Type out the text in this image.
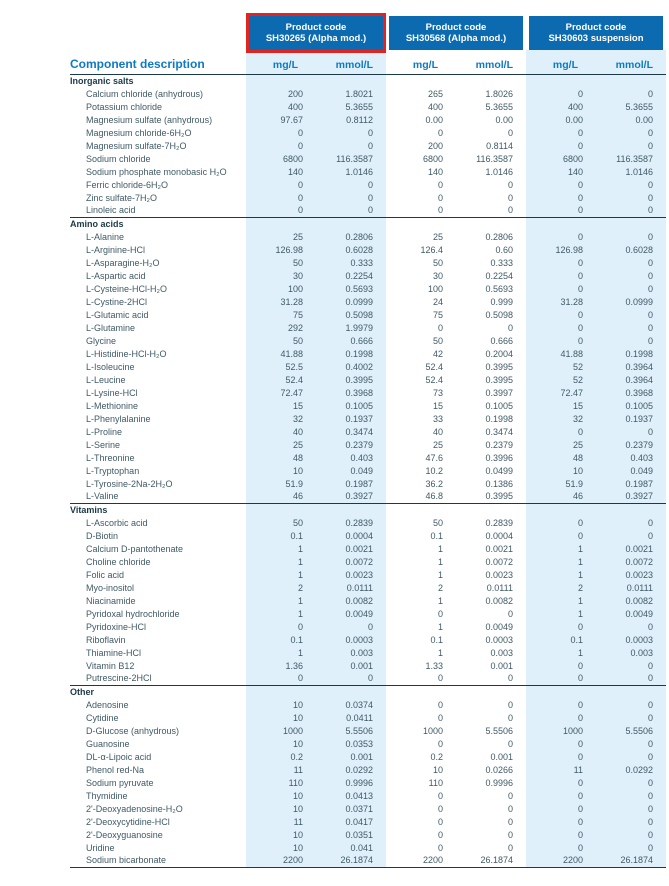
Product code
SH30265 (Alpha mod.)
Product code
SH30568 (Alpha mod.)
Product code
SH30603 suspension
Component description	mg/L	mmol/L	mg/L	mmol/L	mg/L	mmol/L
Inorganic salts						
Calcium chloride (anhydrous)	200	1.8021	265	1.8026	0	0
Potassium chloride	400	5.3655	400	5.3655	400	5.3655
Magnesium sulfate (anhydrous)	97.67	0.8112	0.00	0.00	0.00	0.00
Magnesium chloride-6H₂O	0	0	0	0	0	0
Magnesium sulfate-7H₂O	0	0	200	0.8114	0	0
Sodium chloride	6800	116.3587	6800	116.3587	6800	116.3587
Sodium phosphate monobasic H₂O	140	1.0146	140	1.0146	140	1.0146
Ferric chloride-6H₂O	0	0	0	0	0	0
Zinc sulfate-7H₂O	0	0	0	0	0	0
Linoleic acid	0	0	0	0	0	0
Amino acids						
L-Alanine	25	0.2806	25	0.2806	0	0
L-Arginine-HCl	126.98	0.6028	126.4	0.60	126.98	0.6028
L-Asparagine-H₂O	50	0.333	50	0.333	0	0
L-Aspartic acid	30	0.2254	30	0.2254	0	0
L-Cysteine-HCl-H₂O	100	0.5693	100	0.5693	0	0
L-Cystine-2HCl	31.28	0.0999	24	0.999	31.28	0.0999
L-Glutamic acid	75	0.5098	75	0.5098	0	0
L-Glutamine	292	1.9979	0	0	0	0
Glycine	50	0.666	50	0.666	0	0
L-Histidine-HCl-H₂O	41.88	0.1998	42	0.2004	41.88	0.1998
L-Isoleucine	52.5	0.4002	52.4	0.3995	52	0.3964
L-Leucine	52.4	0.3995	52.4	0.3995	52	0.3964
L-Lysine-HCl	72.47	0.3968	73	0.3997	72.47	0.3968
L-Methionine	15	0.1005	15	0.1005	15	0.1005
L-Phenylalanine	32	0.1937	33	0.1998	32	0.1937
L-Proline	40	0.3474	40	0.3474	0	0
L-Serine	25	0.2379	25	0.2379	25	0.2379
L-Threonine	48	0.403	47.6	0.3996	48	0.403
L-Tryptophan	10	0.049	10.2	0.0499	10	0.049
L-Tyrosine-2Na-2H₂O	51.9	0.1987	36.2	0.1386	51.9	0.1987
L-Valine	46	0.3927	46.8	0.3995	46	0.3927
Vitamins						
L-Ascorbic acid	50	0.2839	50	0.2839	0	0
D-Biotin	0.1	0.0004	0.1	0.0004	0	0
Calcium D-pantothenate	1	0.0021	1	0.0021	1	0.0021
Choline chloride	1	0.0072	1	0.0072	1	0.0072
Folic acid	1	0.0023	1	0.0023	1	0.0023
Myo-inositol	2	0.0111	2	0.0111	2	0.0111
Niacinamide	1	0.0082	1	0.0082	1	0.0082
Pyridoxal hydrochloride	1	0.0049	0	0	1	0.0049
Pyridoxine-HCl	0	0	1	0.0049	0	0
Riboflavin	0.1	0.0003	0.1	0.0003	0.1	0.0003
Thiamine-HCl	1	0.003	1	0.003	1	0.003
Vitamin B12	1.36	0.001	1.33	0.001	0	0
Putrescine-2HCl	0	0	0	0	0	0
Other						
Adenosine	10	0.0374	0	0	0	0
Cytidine	10	0.0411	0	0	0	0
D-Glucose (anhydrous)	1000	5.5506	1000	5.5506	1000	5.5506
Guanosine	10	0.0353	0	0	0	0
DL-α-Lipoic acid	0.2	0.001	0.2	0.001	0	0
Phenol red-Na	11	0.0292	10	0.0266	11	0.0292
Sodium pyruvate	110	0.9996	110	0.9996	0	0
Thymidine	10	0.0413	0	0	0	0
2'-Deoxyadenosine-H₂O	10	0.0371	0	0	0	0
2'-Deoxycytidine-HCl	11	0.0417	0	0	0	0
2'-Deoxyguanosine	10	0.0351	0	0	0	0
Uridine	10	0.041	0	0	0	0
Sodium bicarbonate	2200	26.1874	2200	26.1874	2200	26.1874
